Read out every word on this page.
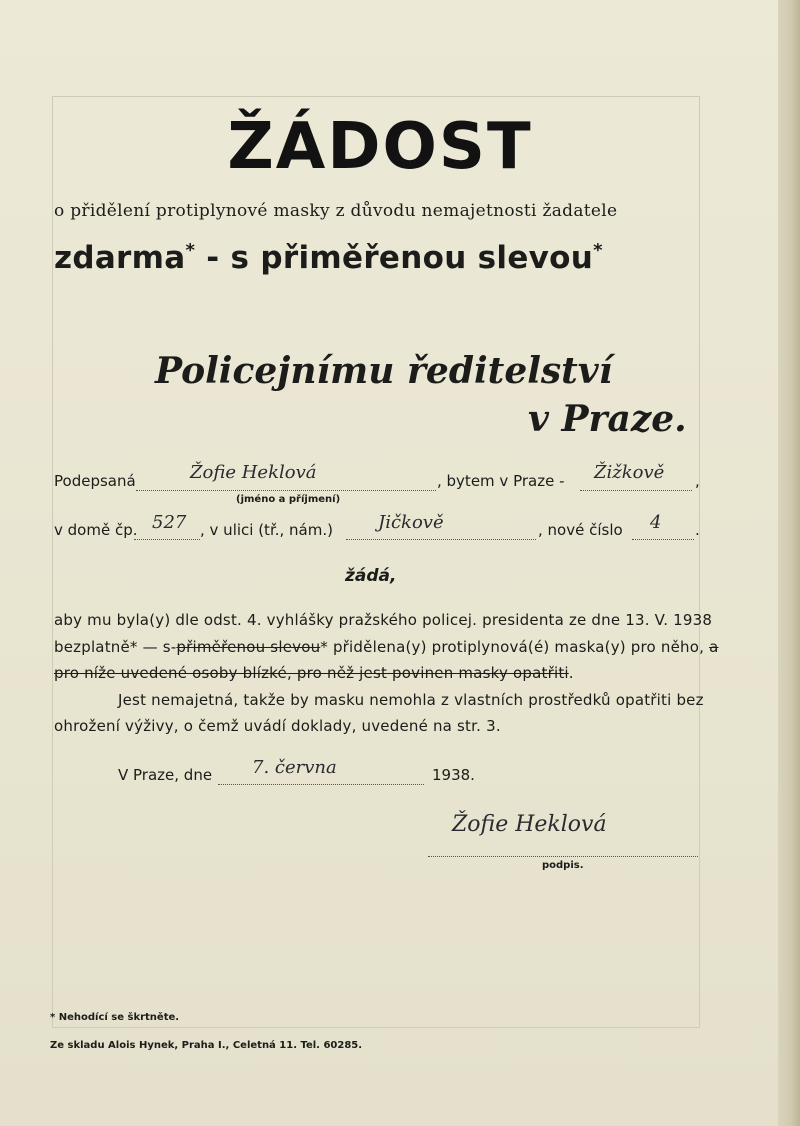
ŽÁDOST
o přidělení protiplynové masky z důvodu nemajetnosti žadatele
zdarma* - s přiměřenou slevou*
Policejnímu ředitelství
v Praze.
Podepsaná	Žofie Heklová
(jméno a příjmení)
, bytem v Praze - Žižkově ,
v domě čp. 527 , v ulici (tř., nám.)	Jičkově	, nové číslo 4 .
žádá,
aby mu byla(y) dle odst. 4. vyhlášky pražského policej. presidenta ze dne 13. V. 1938
bezplatně* — s-přiměřenou slevou* přidělena(y) protiplynová(é) maska(y) pro něho, a
pro níže uvedené osoby blízké, pro něž jest povinen masky opatřiti.
Jest nemajetná, takže by masku nemohla z vlastních prostředků opatřiti bez
ohrožení výživy, o čemž uvádí doklady, uvedené na str. 3.
V Praze, dne 7. června	1938.
Žofie Heklová
podpis.
* Nehodící se škrtněte.
Ze skladu Alois Hynek, Praha I., Celetná 11. Tel. 60285.
